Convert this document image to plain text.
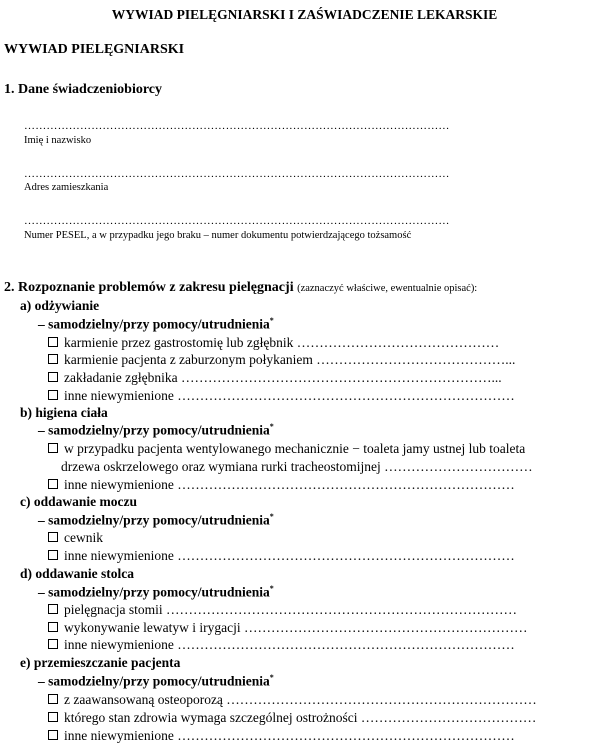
WYWIAD PIELĘGNIARSKI I ZAŚWIADCZENIE LEKARSKIE
WYWIAD PIELĘGNIARSKI
1. Dane świadczeniobiorcy
……………………………………………………………………………………………………
Imię i nazwisko
……………………………………………………………………………………………………
Adres zamieszkania
……………………………………………………………………………………………………
Numer PESEL, a w przypadku jego braku – numer dokumentu potwierdzającego tożsamość
2. Rozpoznanie problemów z zakresu pielęgnacji (zaznaczyć właściwe, ewentualnie opisać):
a) odżywianie
– samodzielny/przy pomocy/utrudnienia*
karmienie przez gastrostomię lub zgłębnik ………………………………………
karmienie pacjenta z zaburzonym połykaniem ……………………………………...
zakładanie zgłębnika ……………………………………………………………...
inne niewymienione …………………………………………………………………
b) higiena ciała
– samodzielny/przy pomocy/utrudnienia*
w przypadku pacjenta wentylowanego mechanicznie − toaleta jamy ustnej lub toaleta
drzewa oskrzelowego oraz wymiana rurki tracheostomijnej ……………………………
inne niewymienione …………………………………………………………………
c) oddawanie moczu
– samodzielny/przy pomocy/utrudnienia*
cewnik
inne niewymienione …………………………………………………………………
d) oddawanie stolca
– samodzielny/przy pomocy/utrudnienia*
pielęgnacja stomii ……………………………………………………………………
wykonywanie lewatyw i irygacji ………………………………………………………
inne niewymienione …………………………………………………………………
e) przemieszczanie pacjenta
– samodzielny/przy pomocy/utrudnienia*
z zaawansowaną osteoporozą ……………………………………………………………
którego stan zdrowia wymaga szczególnej ostrożności …………………………………
inne niewymienione …………………………………………………………………
